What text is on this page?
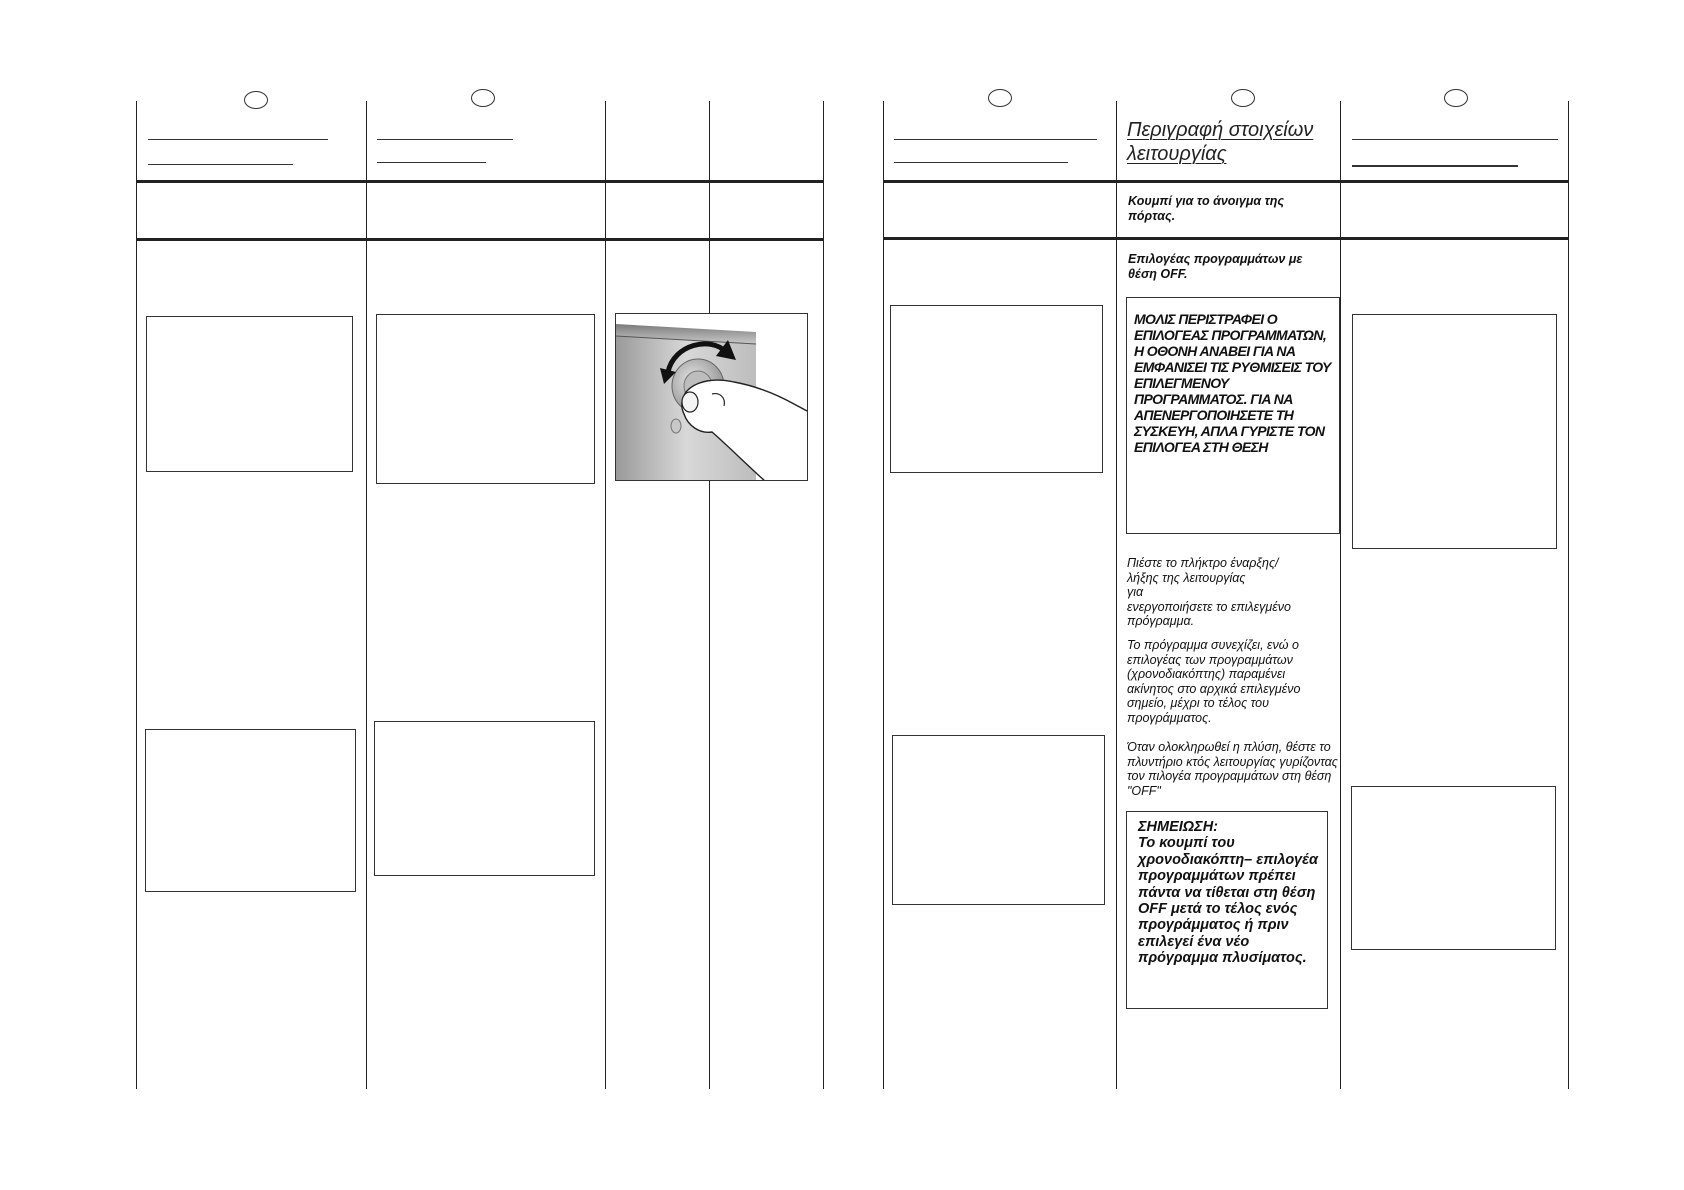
Περιγραφή στοιχείων λειτουργίας
Κουμπί για το άνοιγμα της πόρτας.
Επιλογέας προγραμμάτων με θέση OFF.
ΜΟΛΙΣ ΠΕΡΙΣΤΡΑΦΕΙ Ο ΕΠΙΛΟΓΕΑΣ ΠΡΟΓΡΑΜΜΑΤΩΝ, Η ΟΘΟΝΗ ΑΝΑΒΕΙ ΓΙΑ ΝΑ ΕΜΦΑΝΙΣΕΙ ΤΙΣ ΡΥΘΜΙΣΕΙΣ ΤΟΥ ΕΠΙΛΕΓΜΕΝΟΥ ΠΡΟΓΡΑΜΜΑΤΟΣ. ΓΙΑ ΝΑ ΑΠΕΝΕΡΓΟΠΟΙΗΣΕΤΕ ΤΗ ΣΥΣΚΕΥΗ, ΑΠΛΑ ΓΥΡΙΣΤΕ ΤΟΝ ΕΠΙΛΟΓΕΑ ΣΤΗ ΘΕΣΗ
Πιέστε το πλήκτρο έναρξης/
λήξης της λειτουργίας
για
ενεργοποιήσετε το επιλεγμένο
πρόγραμμα.
Το πρόγραμμα συνεχίζει, ενώ ο επιλογέας των προγραμμάτων (χρονοδιακόπτης) παραμένει ακίνητος στο αρχικά επιλεγμένο σημείο, μέχρι το τέλος του προγράμματος.
Όταν ολοκληρωθεί η πλύση, θέστε το πλυντήριο κτός λειτουργίας γυρίζοντας τον πιλογέα προγραμμάτων στη θέση "OFF"
ΣΗΜΕΙΩΣΗ:
Το κουμπί του χρονοδιακόπτη– επιλογέα προγραμμάτων πρέπει πάντα να τίθεται στη θέση OFF μετά το τέλος ενός προγράμματος ή πριν επιλεγεί ένα νέο πρόγραμμα πλυσίματος.
